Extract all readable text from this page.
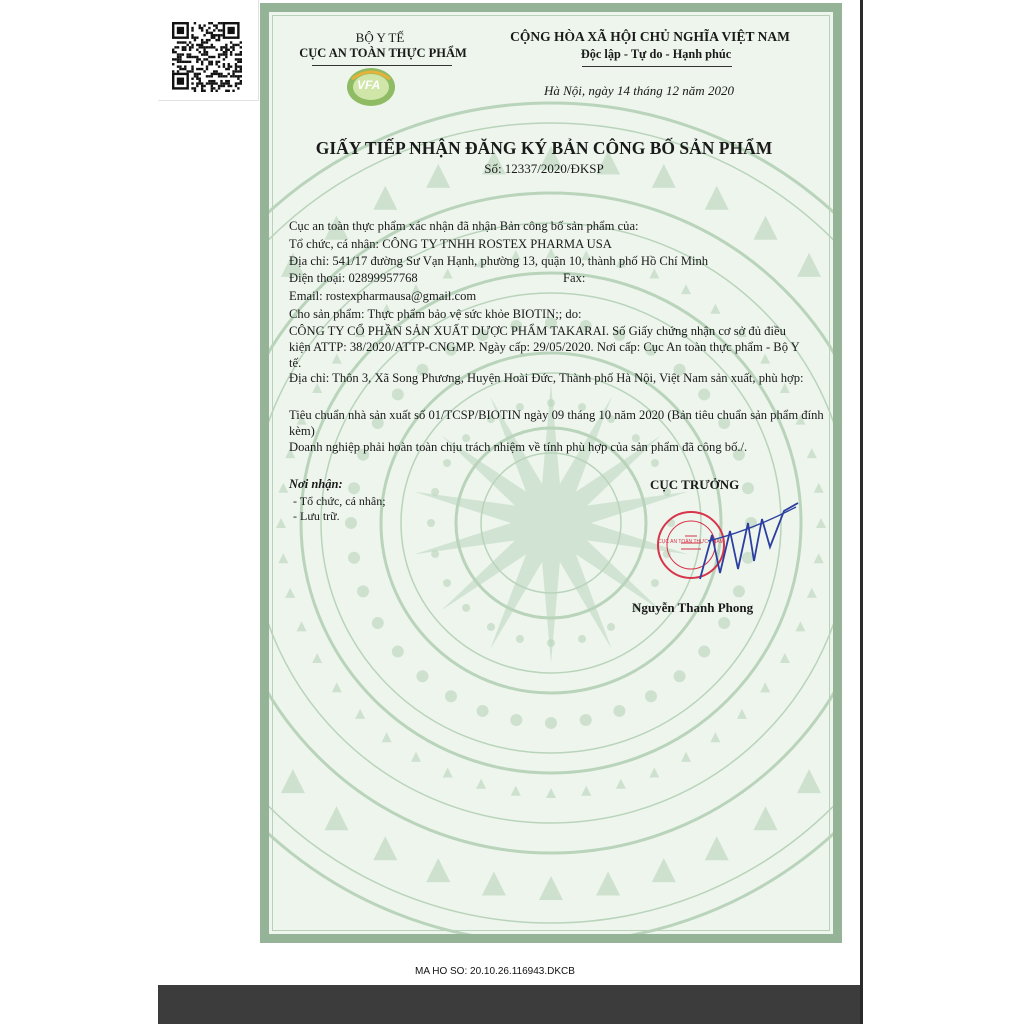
MA HO SO: 20.10.26.116943.DKCB
BỘ Y TẾ
CỤC AN TOÀN THỰC PHẨM
VFA
CỘNG HÒA XÃ HỘI CHỦ NGHĨA VIỆT NAM
Độc lập - Tự do - Hạnh phúc
Hà Nội, ngày 14 tháng 12 năm 2020
GIẤY TIẾP NHẬN ĐĂNG KÝ BẢN CÔNG BỐ SẢN PHẨM
Số: 12337/2020/ĐKSP
Cục an toàn thực phẩm xác nhận đã nhận Bản công bố sản phẩm của:
Tổ chức, cá nhân: CÔNG TY TNHH ROSTEX PHARMA USA
Địa chỉ: 541/17 đường Sư Vạn Hạnh, phường 13, quận 10, thành phố Hồ Chí Minh
Điện thoại: 02899957768	Fax:
Email: rostexpharmausa@gmail.com
Cho sản phẩm: Thực phẩm bảo vệ sức khỏe BIOTIN;; do:
CÔNG TY CỔ PHẦN SẢN XUẤT DƯỢC PHẨM TAKARAI. Số Giấy chứng nhận cơ sở đủ điều kiện ATTP: 38/2020/ATTP-CNGMP. Ngày cấp: 29/05/2020. Nơi cấp: Cục An toàn thực phẩm - Bộ Y tế.
Địa chỉ: Thôn 3, Xã Song Phương, Huyện Hoài Đức, Thành phố Hà Nội, Việt Nam sản xuất, phù hợp:
Tiêu chuẩn nhà sản xuất số 01/TCSP/BIOTIN ngày 09 tháng 10 năm 2020 (Bản tiêu chuẩn sản phẩm đính kèm)
Doanh nghiệp phải hoàn toàn chịu trách nhiệm về tính phù hợp của sản phẩm đã công bố./.
Nơi nhận:
- Tổ chức, cá nhân;
- Lưu trữ.
CỤC TRƯỞNG
CỤC AN TOÀN THỰC PHẨM
Nguyễn Thanh Phong
